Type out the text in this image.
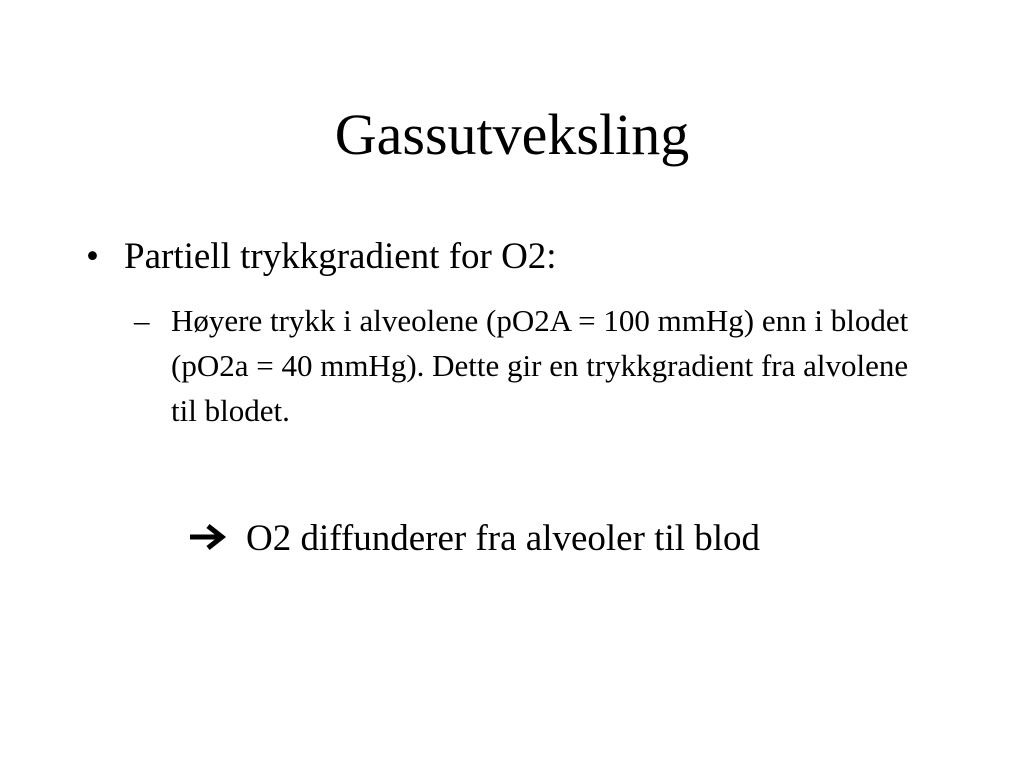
Gassutveksling
• Partiell trykkgradient for O2:
– Høyere trykk i alveolene (pO2A = 100 mmHg) enn i blodet (pO2a = 40 mmHg). Dette gir en trykkgradient fra alvolene til blodet.
O2 diffunderer fra alveoler til blod
